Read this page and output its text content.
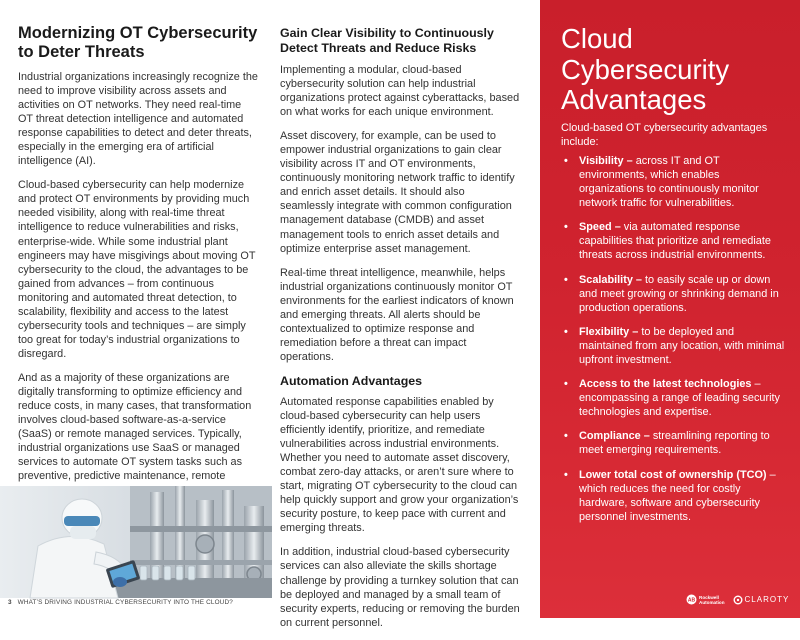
Modernizing OT Cybersecurity to Deter Threats

Industrial organizations increasingly recognize the need to improve visibility across assets and activities on OT networks. They need real-time OT threat detection intelligence and automated response capabilities to detect and deter threats, especially in the emerging era of artificial intelligence (AI).

Cloud-based cybersecurity can help modernize and protect OT environments by providing much needed visibility, along with real-time threat intelligence to reduce vulnerabilities and risks, enterprise-wide. While some industrial plant engineers may have misgivings about moving OT cybersecurity to the cloud, the advantages to be gained from advances – from continuous monitoring and automated threat detection, to scalability, flexibility and access to the latest cybersecurity tools and techniques – are simply too great for today’s industrial organizations to disregard.

And as a majority of these organizations are digitally transforming to optimize efficiency and reduce costs, in many cases, that transformation involves cloud-based software-as-a-service (SaaS) or remote managed services. Typically, industrial organizations use SaaS or managed services to automate OT system tasks such as preventive, predictive maintenance, remote

Gain Clear Visibility to Continuously Detect Threats and Reduce Risks

Implementing a modular, cloud-based cybersecurity solution can help industrial organizations protect against cyberattacks, based on what works for each unique environment.

Asset discovery, for example, can be used to empower industrial organizations to gain clear visibility across IT and OT environments, continuously monitoring network traffic to identify and enrich asset details. It should also seamlessly integrate with common configuration management database (CMDB) and asset management tools to enrich asset details and optimize enterprise asset management.

Real-time threat intelligence, meanwhile, helps industrial organizations continuously monitor OT environments for the earliest indicators of known and emerging threats. All alerts should be contextualized to optimize response and remediation before a threat can impact operations.

Automation Advantages

Automated response capabilities enabled by cloud-based cybersecurity can help users efficiently identify, prioritize, and remediate vulnerabilities across industrial environments. Whether you need to automate asset discovery, combat zero-day attacks, or aren’t sure where to start, migrating OT cybersecurity to the cloud can help quickly support and grow your organization’s security posture, to keep pace with current and emerging threats.

In addition, industrial cloud-based cybersecurity services can also alleviate the skills shortage challenge by providing a turnkey solution that can be deployed and managed by a small team of security experts, reducing or removing the burden on current personnel.

3 WHAT’S DRIVING INDUSTRIAL CYBERSECURITY INTO THE CLOUD?
Cloud Cybersecurity Advantages
Cloud-based OT cybersecurity advantages include:
• Visibility – across IT and OT environments, which enables organizations to continuously monitor network traffic for vulnerabilities.
• Speed – via automated response capabilities that prioritize and remediate threats across industrial environments.
• Scalability – to easily scale up or down and meet growing or shrinking demand in production operations.
• Flexibility – to be deployed and maintained from any location, with minimal upfront investment.
• Access to the latest technologies – encompassing a range of leading security technologies and expertise.
• Compliance – streamlining reporting to meet emerging requirements.
• Lower total cost of ownership (TCO) – which reduces the need for costly hardware, software and cybersecurity personnel investments.
AB
Rockwell
Automation	CLAROTY
